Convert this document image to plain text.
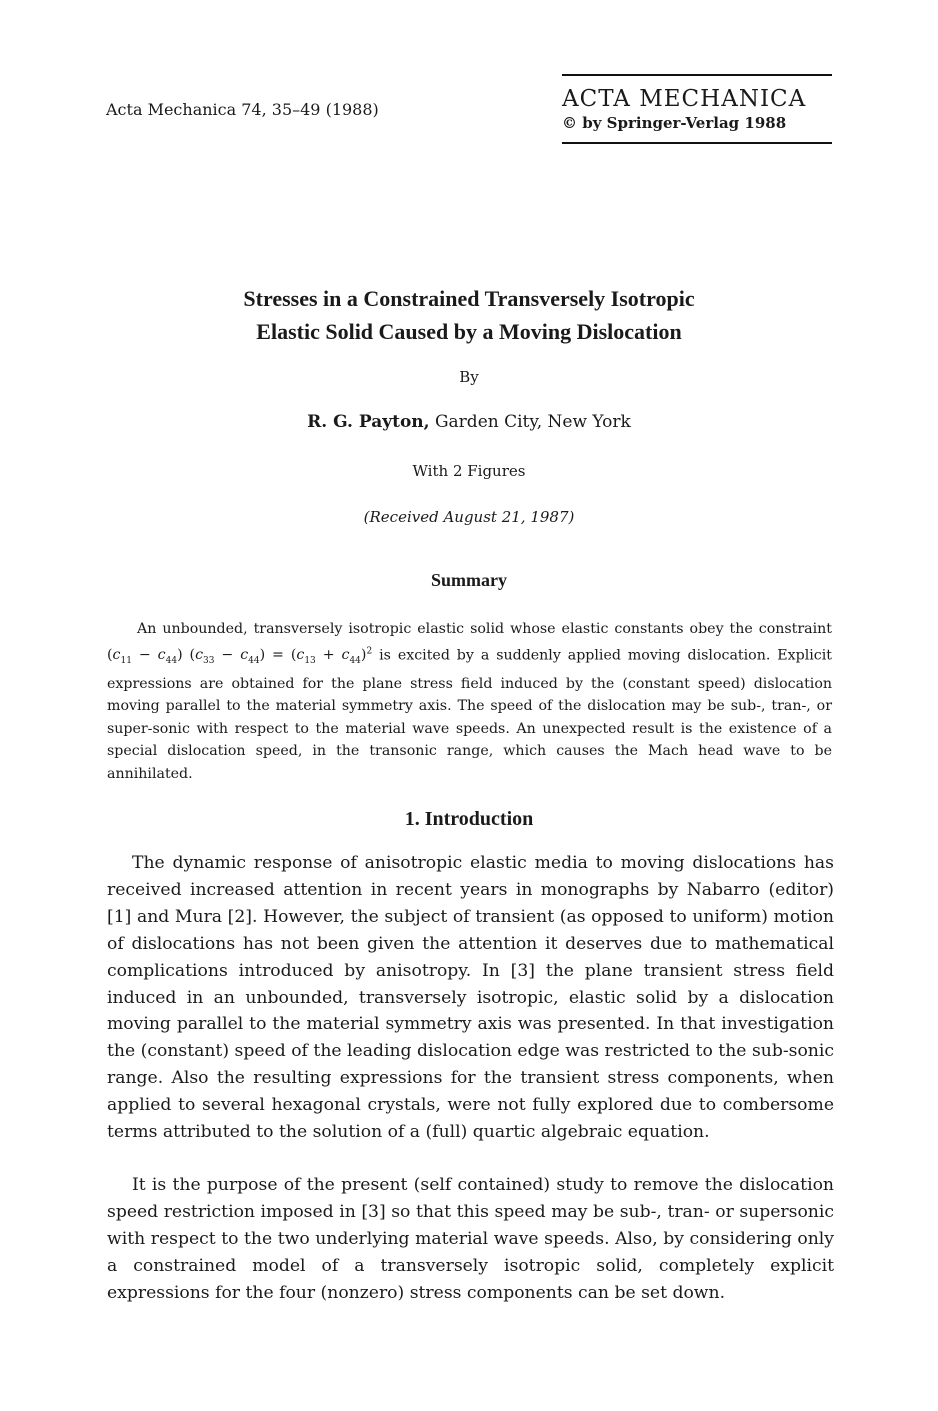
Acta Mechanica 74, 35–49 (1988)	ACTA MECHANICA
© by Springer-Verlag 1988
Stresses in a Constrained Transversely Isotropic
Elastic Solid Caused by a Moving Dislocation
By
R. G. Payton, Garden City, New York
With 2 Figures
(Received August 21, 1987)
Summary
An unbounded, transversely isotropic elastic solid whose elastic constants obey the constraint $(c_{11} - c_{44}) (c_{33} - c_{44}) = (c_{13} + c_{44})^2$ is excited by a suddenly applied moving dislocation. Explicit expressions are obtained for the plane stress field induced by the (constant speed) dislocation moving parallel to the material symmetry axis. The speed of the dislocation may be sub-, tran-, or super-sonic with respect to the material wave speeds. An unexpected result is the existence of a special dislocation speed, in the transonic range, which causes the Mach head wave to be annihilated.
1. Introduction

The dynamic response of anisotropic elastic media to moving dislocations has received increased attention in recent years in monographs by Nabarro (editor) [1] and Mura [2]. However, the subject of transient (as opposed to uniform) motion of dislocations has not been given the attention it deserves due to mathematical complications introduced by anisotropy. In [3] the plane transient stress field induced in an unbounded, transversely isotropic, elastic solid by a dislocation moving parallel to the material symmetry axis was presented. In that investigation the (constant) speed of the leading dislocation edge was restricted to the sub-sonic range. Also the resulting expressions for the transient stress components, when applied to several hexagonal crystals, were not fully explored due to combersome terms attributed to the solution of a (full) quartic algebraic equation.

It is the purpose of the present (self contained) study to remove the dislocation speed restriction imposed in [3] so that this speed may be sub-, tran- or supersonic with respect to the two underlying material wave speeds. Also, by considering only a constrained model of a transversely isotropic solid, completely explicit expressions for the four (nonzero) stress components can be set down.
